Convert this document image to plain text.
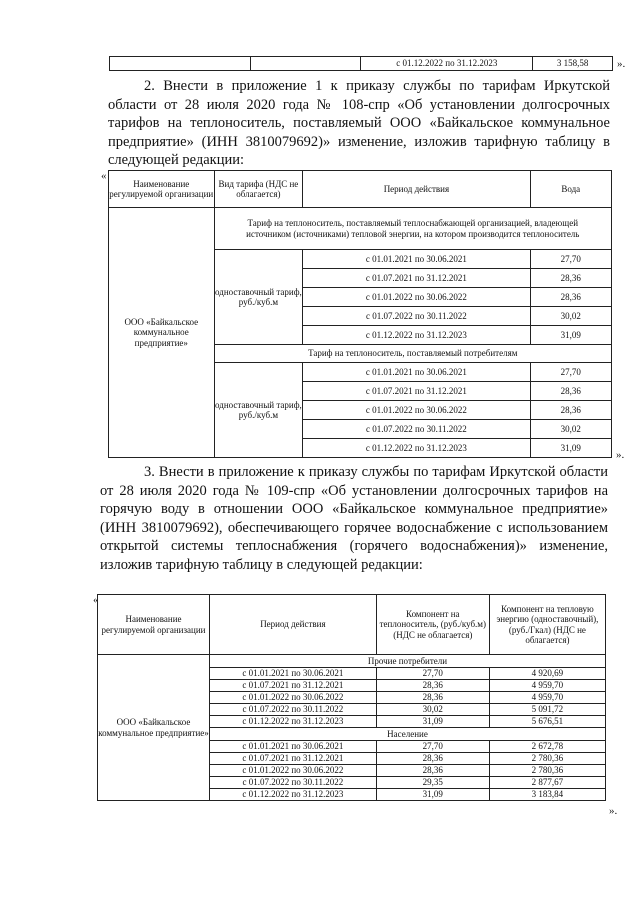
		с 01.12.2022 по 31.12.2023	3 158,58	».
2. Внести в приложение 1 к приказу службы по тарифам Иркутской области от 28 июля 2020 года № 108-спр «Об установлении долгосрочных тарифов на теплоноситель, поставляемый ООО «Байкальское коммунальное предприятие» (ИНН 3810079692)» изменение, изложив тарифную таблицу в следующей редакции:
«
Наименование регулируемой организации	Вид тарифа (НДС не облагается)	Период действия	Вода
ООО «Байкальское коммунальное предприятие»	Тариф на теплоноситель, поставляемый теплоснабжающей организацией, владеющей источником (источниками) тепловой энергии, на котором производится теплоноситель		
	одноставочный тариф, руб./куб.м	с 01.01.2021 по 30.06.2021	27,70
		с 01.07.2021 по 31.12.2021	28,36
		с 01.01.2022 по 30.06.2022	28,36
		с 01.07.2022 по 30.11.2022	30,02
		с 01.12.2022 по 31.12.2023	31,09
	Тариф на теплоноситель, поставляемый потребителям		
	одноставочный тариф, руб./куб.м	с 01.01.2021 по 30.06.2021	27,70
		с 01.07.2021 по 31.12.2021	28,36
		с 01.01.2022 по 30.06.2022	28,36
		с 01.07.2022 по 30.11.2022	30,02
		с 01.12.2022 по 31.12.2023	31,09
».
3. Внести в приложение к приказу службы по тарифам Иркутской области от 28 июля 2020 года № 109-спр «Об установлении долгосрочных тарифов на горячую воду в отношении ООО «Байкальское коммунальное предприятие» (ИНН 3810079692), обеспечивающего горячее водоснабжение с использованием открытой системы теплоснабжения (горячего водоснабжения)» изменение, изложив тарифную таблицу в следующей редакции:
«
Наименование регулируемой организации	Период действия	Компонент на теплоноситель, (руб./куб.м) (НДС не облагается)	Компонент на тепловую энергию (одноставочный), (руб./Гкал) (НДС не облагается)
ООО «Байкальское коммунальное предприятие»	Прочие потребители		
	с 01.01.2021 по 30.06.2021	27,70	4 920,69
	с 01.07.2021 по 31.12.2021	28,36	4 959,70
	с 01.01.2022 по 30.06.2022	28,36	4 959,70
	с 01.07.2022 по 30.11.2022	30,02	5 091,72
	с 01.12.2022 по 31.12.2023	31,09	5 676,51
	Население		
	с 01.01.2021 по 30.06.2021	27,70	2 672,78
	с 01.07.2021 по 31.12.2021	28,36	2 780,36
	с 01.01.2022 по 30.06.2022	28,36	2 780,36
	с 01.07.2022 по 30.11.2022	29,35	2 877,67
	с 01.12.2022 по 31.12.2023	31,09	3 183,84
».
